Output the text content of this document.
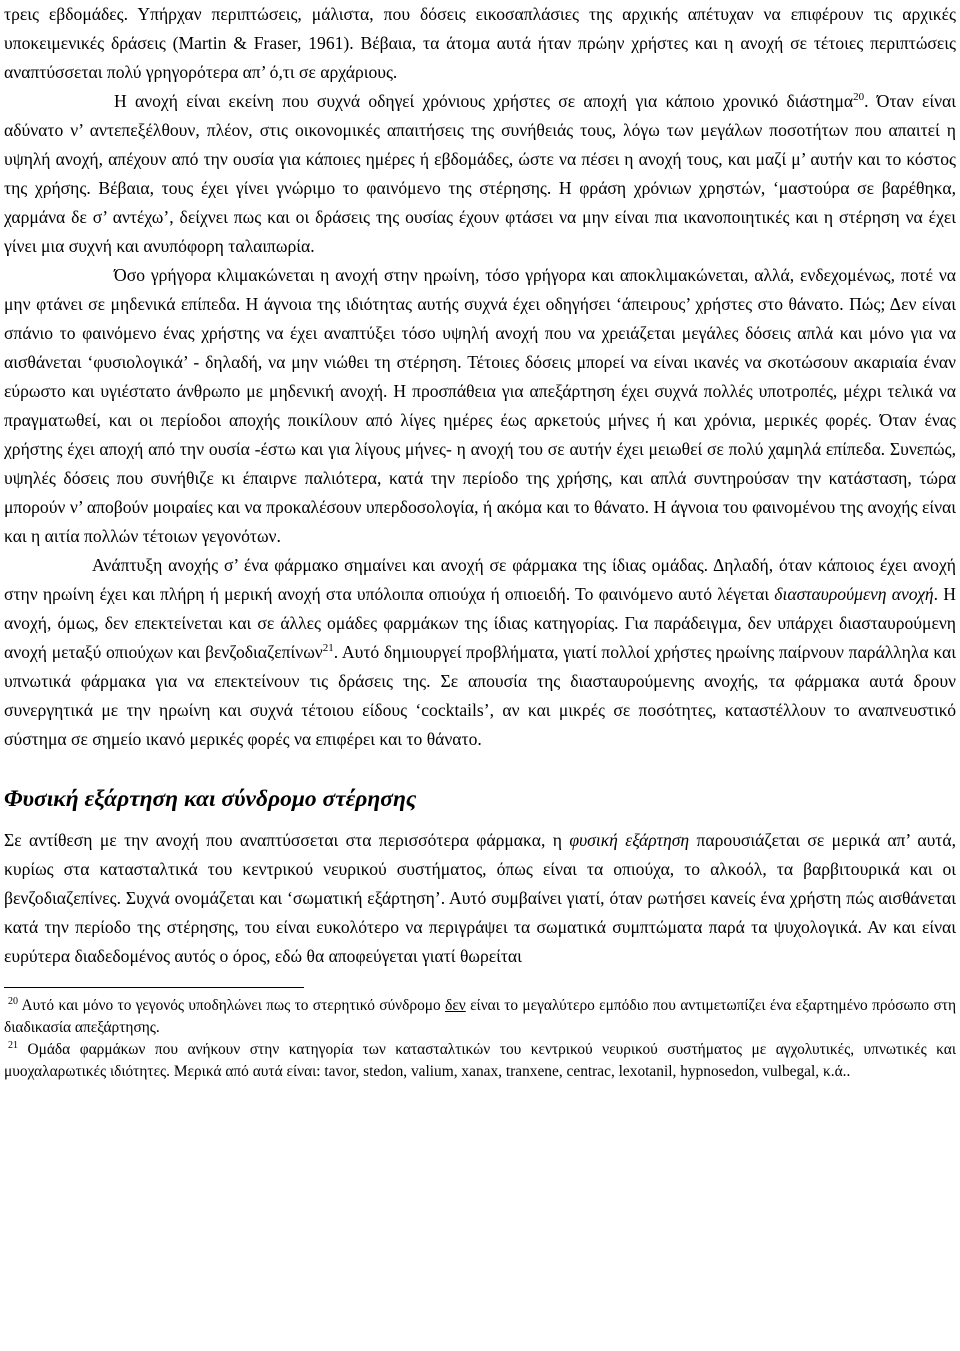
τρεις εβδομάδες. Υπήρχαν περιπτώσεις, μάλιστα, που δόσεις εικοσαπλάσιες της αρχικής απέτυχαν να επιφέρουν τις αρχικές υποκειμενικές δράσεις (Martin & Fraser, 1961). Βέβαια, τα άτομα αυτά ήταν πρώην χρήστες και η ανοχή σε τέτοιες περιπτώσεις αναπτύσσεται πολύ γρηγορότερα απ’ ό,τι σε αρχάριους.

Η ανοχή είναι εκείνη που συχνά οδηγεί χρόνιους χρήστες σε αποχή για κάποιο χρονικό διάστημα$^{20}$. Όταν είναι αδύνατο ν’ αντεπεξέλθουν, πλέον, στις οικονομικές απαιτήσεις της συνήθειάς τους, λόγω των μεγάλων ποσοτήτων που απαιτεί η υψηλή ανοχή, απέχουν από την ουσία για κάποιες ημέρες ή εβδομάδες, ώστε να πέσει η ανοχή τους, και μαζί μ’ αυτήν και το κόστος της χρήσης. Βέβαια, τους έχει γίνει γνώριμο το φαινόμενο της στέρησης. Η φράση χρόνιων χρηστών, ‘μαστούρα σε βαρέθηκα, χαρμάνα δε σ’ αντέχω’, δείχνει πως και οι δράσεις της ουσίας έχουν φτάσει να μην είναι πια ικανοποιητικές και η στέρηση να έχει γίνει μια συχνή και ανυπόφορη ταλαιπωρία.

Όσο γρήγορα κλιμακώνεται η ανοχή στην ηρωίνη, τόσο γρήγορα και αποκλιμακώνεται, αλλά, ενδεχομένως, ποτέ να μην φτάνει σε μηδενικά επίπεδα. Η άγνοια της ιδιότητας αυτής συχνά έχει οδηγήσει ‘άπειρους’ χρήστες στο θάνατο. Πώς; Δεν είναι σπάνιο το φαινόμενο ένας χρήστης να έχει αναπτύξει τόσο υψηλή ανοχή που να χρειάζεται μεγάλες δόσεις απλά και μόνο για να αισθάνεται ‘φυσιολογικά’ - δηλαδή, να μην νιώθει τη στέρηση. Τέτοιες δόσεις μπορεί να είναι ικανές να σκοτώσουν ακαριαία έναν εύρωστο και υγιέστατο άνθρωπο με μηδενική ανοχή. Η προσπάθεια για απεξάρτηση έχει συχνά πολλές υποτροπές, μέχρι τελικά να πραγματωθεί, και οι περίοδοι αποχής ποικίλουν από λίγες ημέρες έως αρκετούς μήνες ή και χρόνια, μερικές φορές. Όταν ένας χρήστης έχει αποχή από την ουσία -έστω και για λίγους μήνες- η ανοχή του σε αυτήν έχει μειωθεί σε πολύ χαμηλά επίπεδα. Συνεπώς, υψηλές δόσεις που συνήθιζε κι έπαιρνε παλιότερα, κατά την περίοδο της χρήσης, και απλά συντηρούσαν την κατάσταση, τώρα μπορούν ν’ αποβούν μοιραίες και να προκαλέσουν υπερδοσολογία, ή ακόμα και το θάνατο. Η άγνοια του φαινομένου της ανοχής είναι και η αιτία πολλών τέτοιων γεγονότων.

Ανάπτυξη ανοχής σ’ ένα φάρμακο σημαίνει και ανοχή σε φάρμακα της ίδιας ομάδας. Δηλαδή, όταν κάποιος έχει ανοχή στην ηρωίνη έχει και πλήρη ή μερική ανοχή στα υπόλοιπα οπιούχα ή οπιοειδή. Το φαινόμενο αυτό λέγεται διασταυρούμενη ανοχή. Η ανοχή, όμως, δεν επεκτείνεται και σε άλλες ομάδες φαρμάκων της ίδιας κατηγορίας. Για παράδειγμα, δεν υπάρχει διασταυρούμενη ανοχή μεταξύ οπιούχων και βενζοδιαζεπίνων$^{21}$. Αυτό δημιουργεί προβλήματα, γιατί πολλοί χρήστες ηρωίνης παίρνουν παράλληλα και υπνωτικά φάρμακα για να επεκτείνουν τις δράσεις της. Σε απουσία της διασταυρούμενης ανοχής, τα φάρμακα αυτά δρουν συνεργητικά με την ηρωίνη και συχνά τέτοιου είδους ‘cocktails’, αν και μικρές σε ποσότητες, καταστέλλουν το αναπνευστικό σύστημα σε σημείο ικανό μερικές φορές να επιφέρει και το θάνατο.

Φυσική εξάρτηση και σύνδρομο στέρησης

Σε αντίθεση με την ανοχή που αναπτύσσεται στα περισσότερα φάρμακα, η φυσική εξάρτηση παρουσιάζεται σε μερικά απ’ αυτά, κυρίως στα κατασταλτικά του κεντρικού νευρικού συστήματος, όπως είναι τα οπιούχα, το αλκοόλ, τα βαρβιτουρικά και οι βενζοδιαζεπίνες. Συχνά ονομάζεται και ‘σωματική εξάρτηση’. Αυτό συμβαίνει γιατί, όταν ρωτήσει κανείς ένα χρήστη πώς αισθάνεται κατά την περίοδο της στέρησης, του είναι ευκολότερο να περιγράψει τα σωματικά συμπτώματα παρά τα ψυχολογικά. Αν και είναι ευρύτερα διαδεδομένος αυτός ο όρος, εδώ θα αποφεύγεται γιατί θωρείται

$^{20}$ Αυτό και μόνο το γεγονός υποδηλώνει πως το στερητικό σύνδρομο δεν είναι το μεγαλύτερο εμπόδιο που αντιμετωπίζει ένα εξαρτημένο πρόσωπο στη διαδικασία απεξάρτησης.

$^{21}$ Ομάδα φαρμάκων που ανήκουν στην κατηγορία των κατασταλτικών του κεντρικού νευρικού συστήματος με αγχολυτικές, υπνωτικές και μυοχαλαρωτικές ιδιότητες. Μερικά από αυτά είναι: tavor, stedon, valium, xanax, tranxene, centrac, lexotanil, hypnosedon, vulbegal, κ.ά..
